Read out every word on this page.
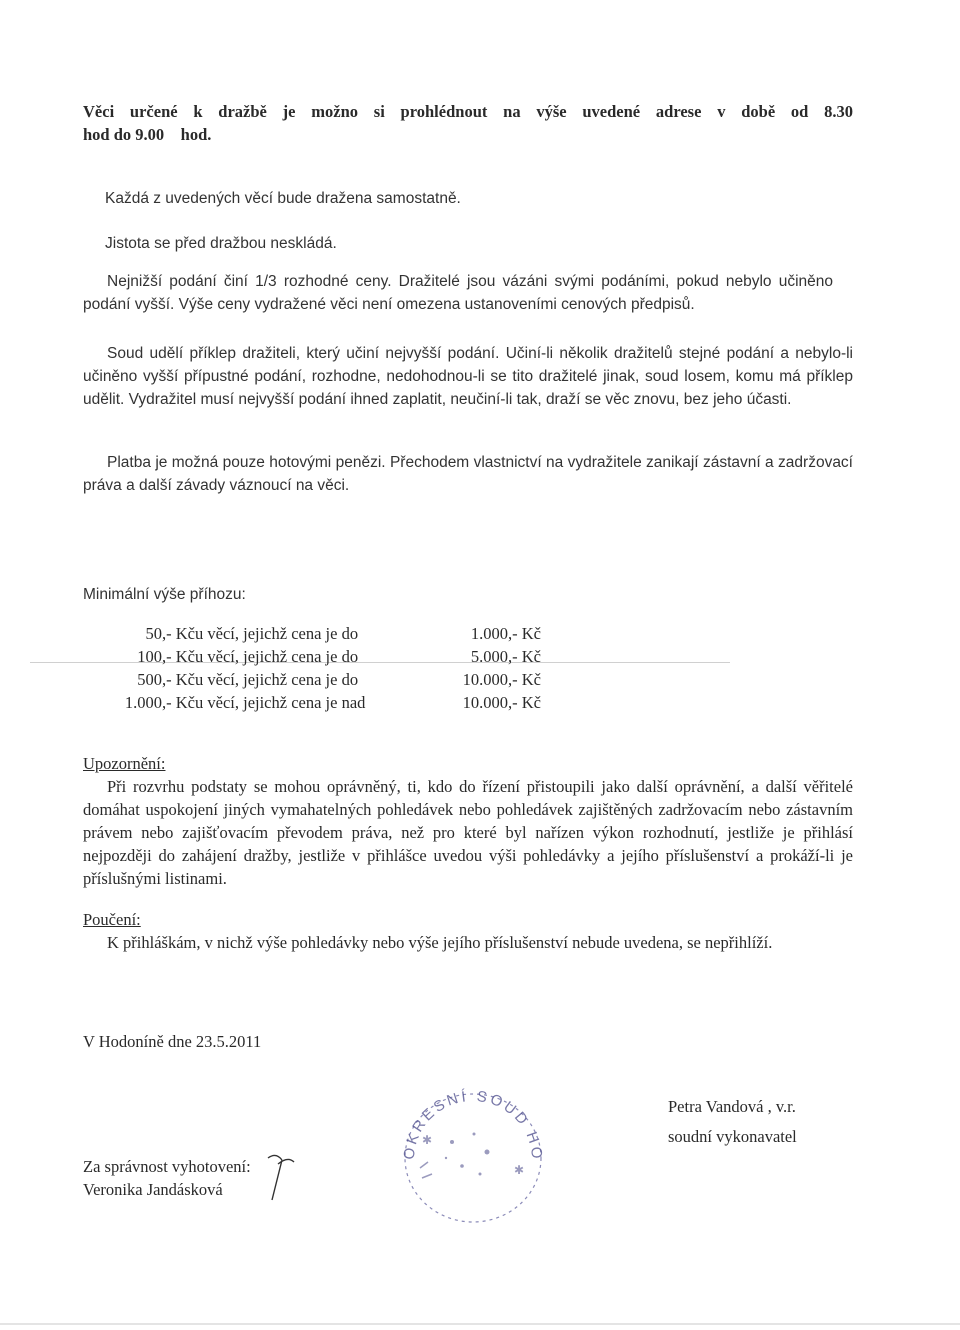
Věci určené k dražbě je možno si prohlédnout na výše uvedené adrese v době od 8.30

hod do 9.00    hod.

Každá z uvedených věcí bude dražena samostatně.

Jistota se před dražbou neskládá.

Nejnižší podání činí 1/3 rozhodné ceny. Dražitelé jsou vázáni svými podáními, pokud nebylo učiněno podání vyšší. Výše ceny vydražené věci není omezena ustanoveními cenových předpisů.

Soud udělí příklep dražiteli, který učiní nejvyšší podání. Učiní-li několik dražitelů stejné podání a nebylo-li učiněno vyšší přípustné podání, rozhodne, nedohodnou-li se tito dražitelé jinak, soud losem, komu má příklep udělit. Vydražitel musí nejvyšší podání ihned zaplatit, neučiní-li tak, draží se věc znovu, bez jeho účasti.

Platba je možná pouze hotovými penězi. Přechodem vlastnictví na vydražitele zanikají zástavní a zadržovací práva a další závady váznoucí na věci.

Minimální výše příhozu:

50,- Kč	u věcí, jejichž cena je do	1.000,- Kč
100,- Kč	u věcí, jejichž cena je do	5.000,- Kč
500,- Kč	u věcí, jejichž cena je do	10.000,- Kč
1.000,- Kč	u věcí, jejichž cena je nad	10.000,- Kč

Upozornění:

Při rozvrhu podstaty se mohou oprávněný, ti, kdo do řízení přistoupili jako další oprávnění, a další věřitelé domáhat uspokojení jiných vymahatelných pohledávek nebo pohledávek zajištěných zadržovacím nebo zástavním právem nebo zajišťovacím převodem práva, než pro které byl nařízen výkon rozhodnutí, jestliže je přihlásí nejpozději do zahájení dražby, jestliže v přihlášce uvedou výši pohledávky a jejího příslušenství a prokáží-li je příslušnými listinami.

Poučení:

K přihláškám, v nichž výše pohledávky nebo výše jejího příslušenství nebude uvedena, se nepřihlíží.

V Hodoníně dne 23.5.2011

Petra Vandová , v.r.
soudní vykonavatel
OKRESNÍ SOUD HO
✱
✱
Za správnost vyhotovení:
Veronika Jandásková
